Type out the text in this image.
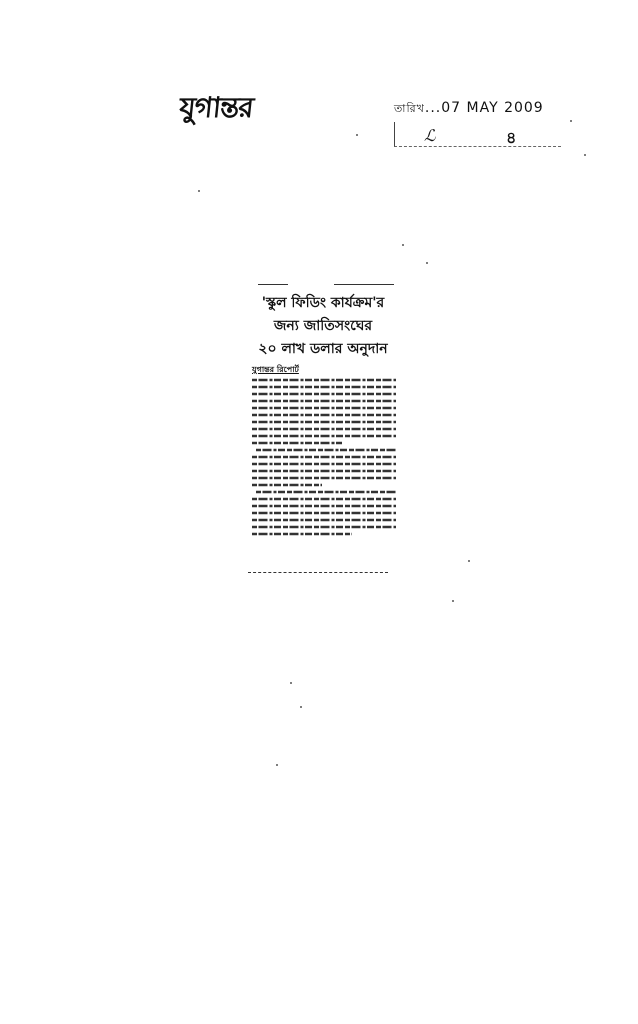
যুগান্তর	তারিখ...07 MAY 2009
ℒ	৪
'স্কুল ফিডিং কার্যক্রম'র
জন্য জাতিসংঘের
২০ লাখ ডলার অনুদান
যুগান্তর রিপোর্ট
